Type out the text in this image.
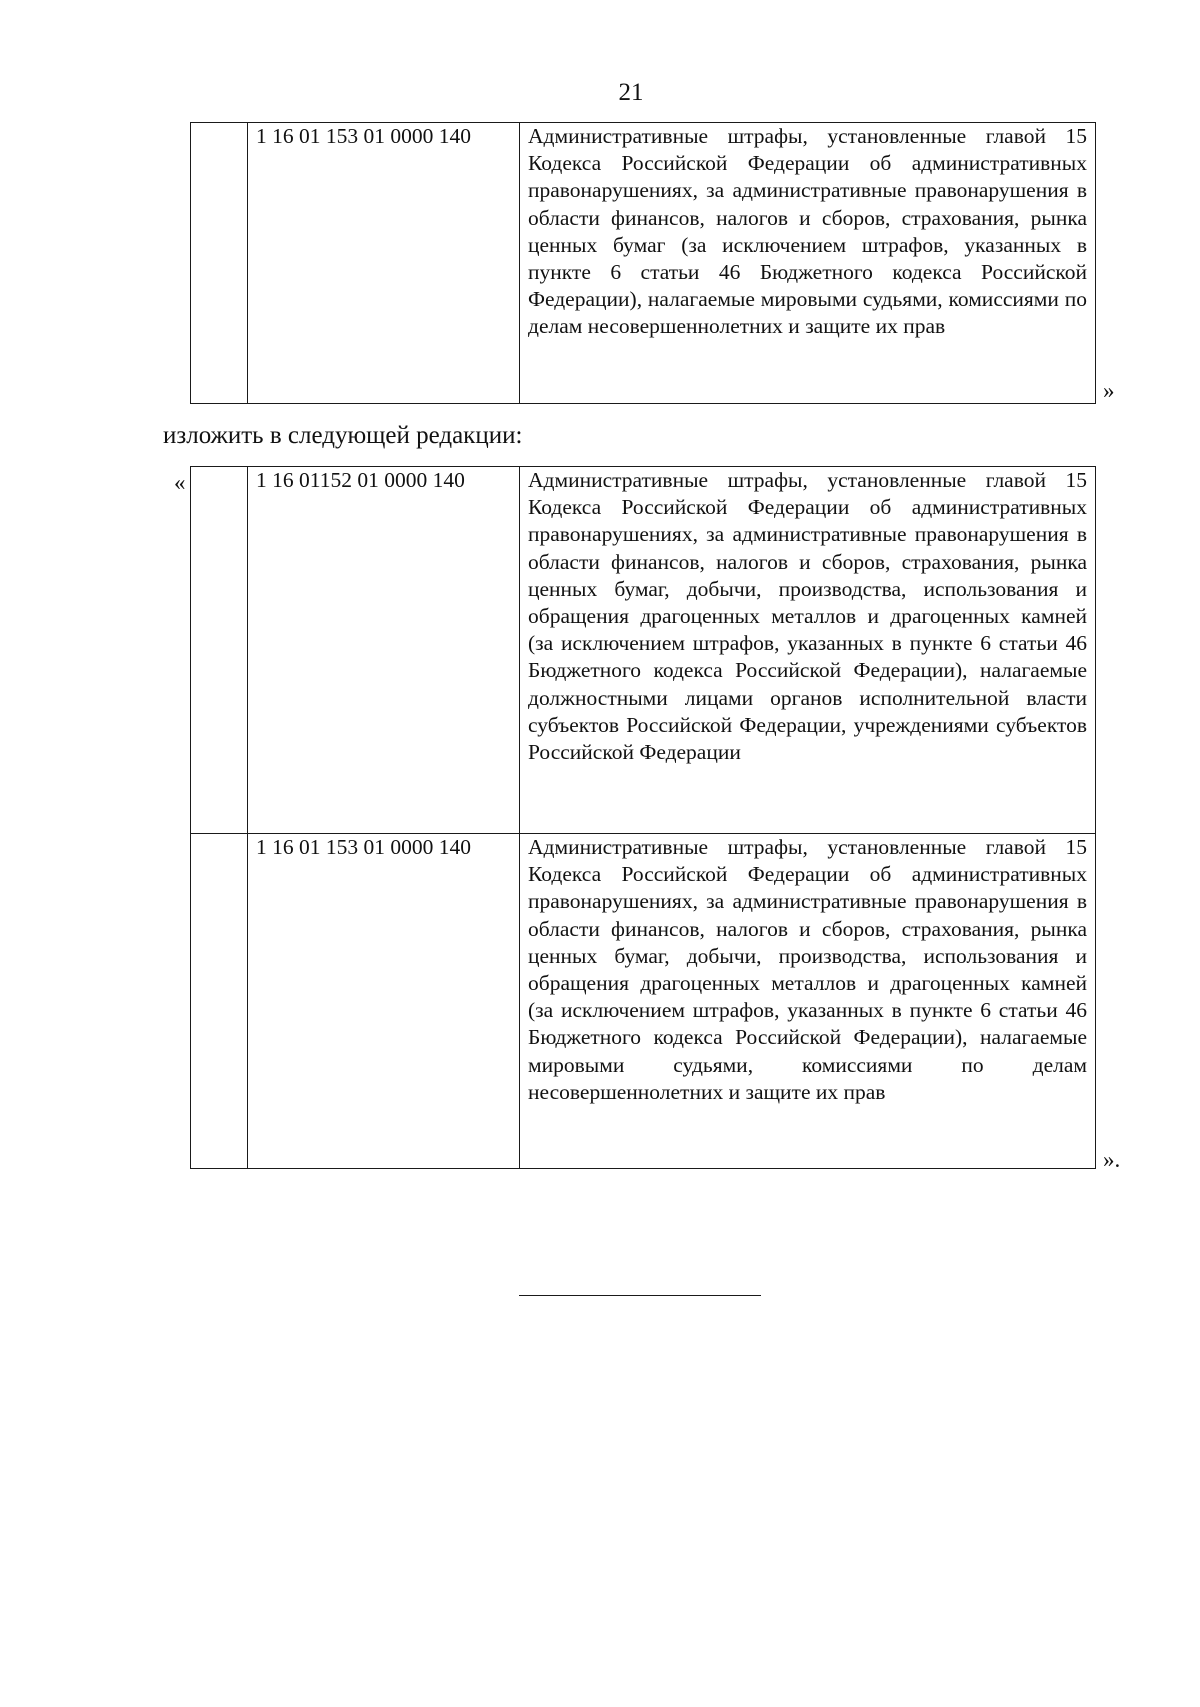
21
	1 16 01 153 01 0000 140	Административные штрафы, установленные главой 15 Кодекса Российской Федерации об административных правонарушениях, за административные правонарушения в области финансов, налогов и сборов, страхования, рынка ценных бумаг (за исключением штрафов, указанных в пункте 6 статьи 46 Бюджетного кодекса Российской Федерации), налагаемые мировыми судьями, комиссиями по делам несовершеннолетних и защите их прав
»
изложить в следующей редакции:
«
		1 16 01152 01 0000 140	Административные штрафы, установленные главой 15 Кодекса Российской Федерации об административных правонарушениях, за административные правонарушения в области финансов, налогов и сборов, страхования, рынка ценных бумаг, добычи, производства, использования и обращения драгоценных металлов и драгоценных камней (за исключением штрафов, указанных в пункте 6 статьи 46 Бюджетного кодекса Российской Федерации), налагаемые должностными лицами органов исполнительной власти субъектов Российской Федерации, учреждениями субъектов Российской Федерации
	1 16 01 153 01 0000 140	Административные штрафы, установленные главой 15 Кодекса Российской Федерации об административных правонарушениях, за административные правонарушения в области финансов, налогов и сборов, страхования, рынка ценных бумаг, добычи, производства, использования и обращения драгоценных металлов и драгоценных камней (за исключением штрафов, указанных в пункте 6 статьи 46 Бюджетного кодекса Российской Федерации), налагаемые мировыми судьями, комиссиями по делам несовершеннолетних и защите их прав
».
